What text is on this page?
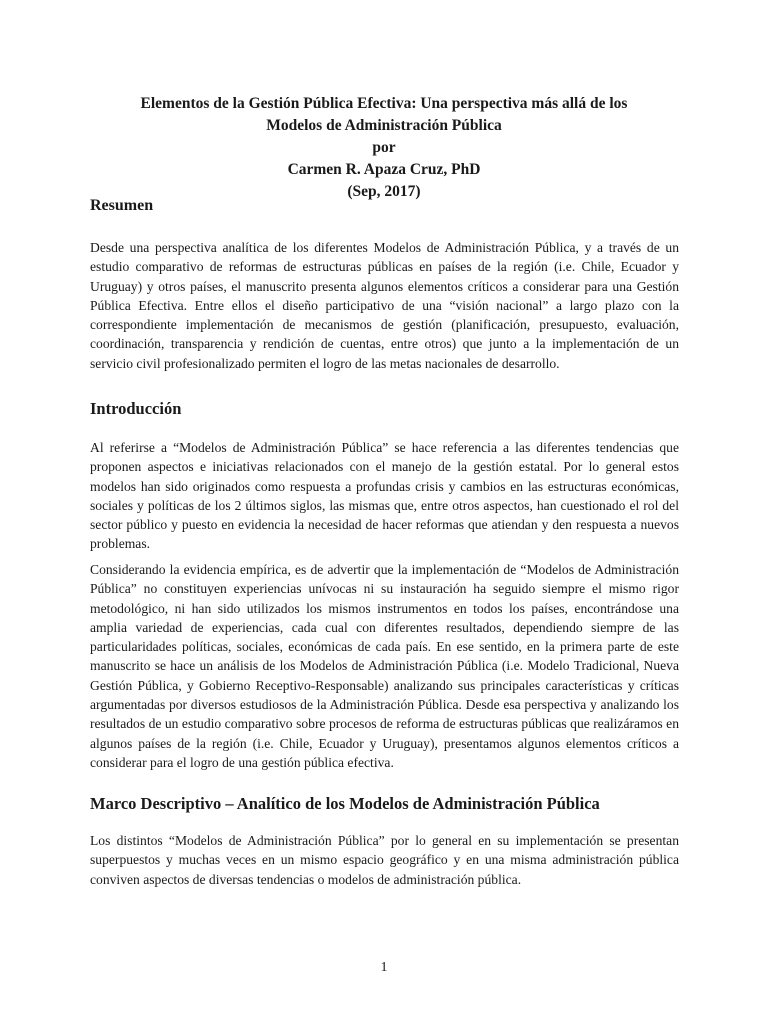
Elementos de la Gestión Pública Efectiva: Una perspectiva más allá de los
Modelos de Administración Pública
por
Carmen R. Apaza Cruz, PhD
(Sep, 2017)
Resumen

Desde una perspectiva analítica de los diferentes Modelos de Administración Pública, y a través de un estudio comparativo de reformas de estructuras públicas en países de la región (i.e. Chile, Ecuador y Uruguay) y otros países, el manuscrito presenta algunos elementos críticos a considerar para una Gestión Pública Efectiva. Entre ellos el diseño participativo de una “visión nacional” a largo plazo con la correspondiente implementación de mecanismos de gestión (planificación, presupuesto, evaluación, coordinación, transparencia y rendición de cuentas, entre otros) que junto a la implementación de un servicio civil profesionalizado permiten el logro de las metas nacionales de desarrollo.

Introducción

Al referirse a “Modelos de Administración Pública” se hace referencia a las diferentes tendencias que proponen aspectos e iniciativas relacionados con el manejo de la gestión estatal. Por lo general estos modelos han sido originados como respuesta a profundas crisis y cambios en las estructuras económicas, sociales y políticas de los 2 últimos siglos, las mismas que, entre otros aspectos, han cuestionado el rol del sector público y puesto en evidencia la necesidad de hacer reformas que atiendan y den respuesta a nuevos problemas.

Considerando la evidencia empírica, es de advertir que la implementación de “Modelos de Administración Pública” no constituyen experiencias unívocas ni su instauración ha seguido siempre el mismo rigor metodológico, ni han sido utilizados los mismos instrumentos en todos los países, encontrándose una amplia variedad de experiencias, cada cual con diferentes resultados, dependiendo siempre de las particularidades políticas, sociales, económicas de cada país. En ese sentido, en la primera parte de este manuscrito se hace un análisis de los Modelos de Administración Pública (i.e. Modelo Tradicional, Nueva Gestión Pública, y Gobierno Receptivo-Responsable) analizando sus principales características y críticas argumentadas por diversos estudiosos de la Administración Pública. Desde esa perspectiva y analizando los resultados de un estudio comparativo sobre procesos de reforma de estructuras públicas que realizáramos en algunos países de la región (i.e. Chile, Ecuador y Uruguay), presentamos algunos elementos críticos a considerar para el logro de una gestión pública efectiva.

Marco Descriptivo – Analítico de los Modelos de Administración Pública

Los distintos “Modelos de Administración Pública” por lo general en su implementación se presentan superpuestos y muchas veces en un mismo espacio geográfico y en una misma administración pública conviven aspectos de diversas tendencias o modelos de administración pública.

1
